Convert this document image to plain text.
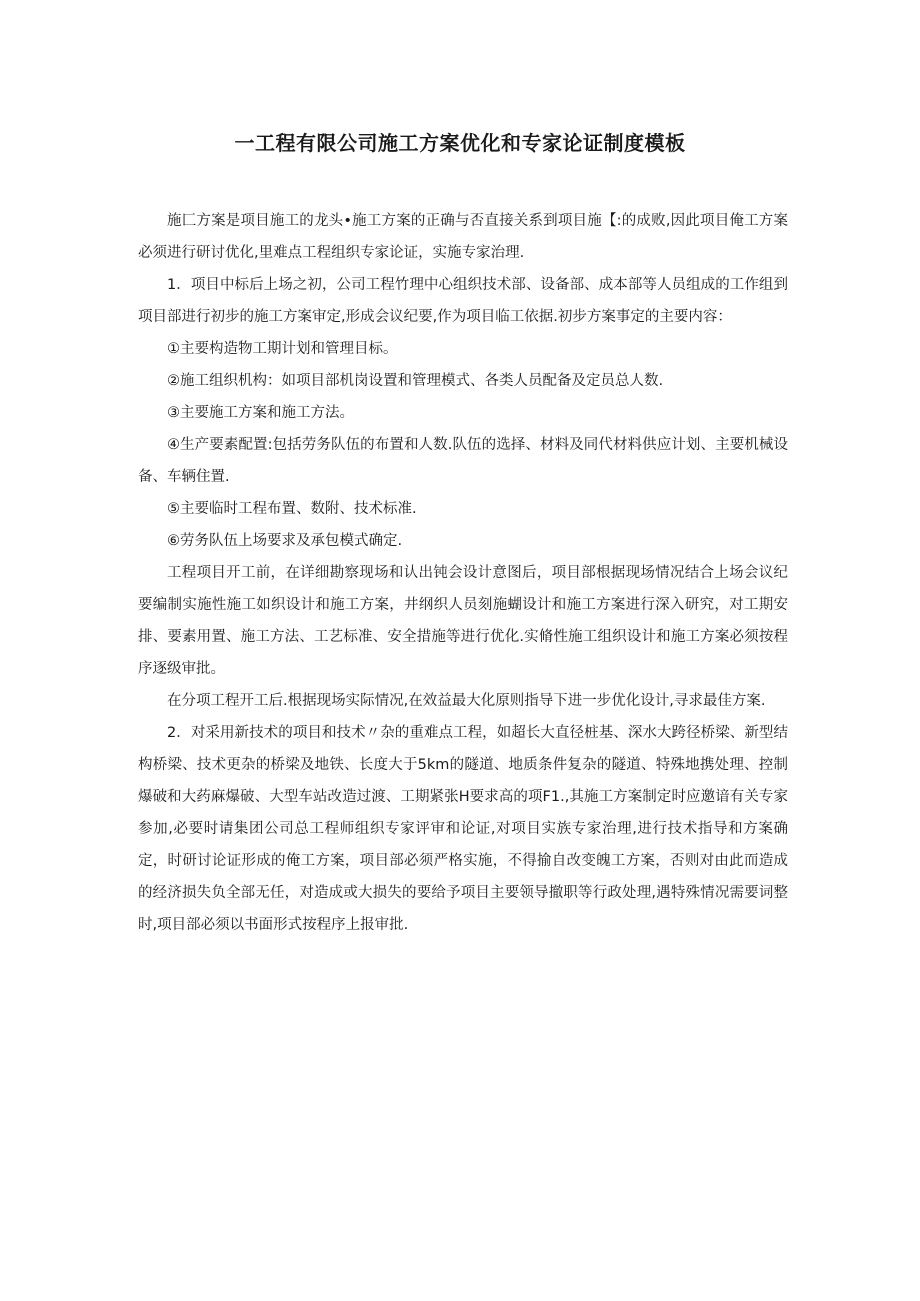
一工程有限公司施工方案优化和专家论证制度模板

施匚方案是项目施工的龙头•施工方案的正确与否直接关系到项目施【:的成败,因此项目俺工方案必须进行研讨优化,里难点工程组织专家论证，实施专家治理.

1．项目中标后上场之初，公司工程竹理中心组织技术部、设备部、成本部等人员组成的工作组到项目部进行初步的施工方案审定,形成会议纪要,作为项目临工依据.初步方案事定的主要内容：

①主要构造物工期计划和管理目标。

②施工组织机构：如项目部机岗设置和管理模式、各类人员配备及定员总人数.

③主要施工方案和施工方法。

④生产要素配置:包括劳务队伍的布置和人数.队伍的选择、材料及同代材料供应计划、主要机械设备、车辆住置.

⑤主要临时工程布置、数附、技术标准.

⑥劳务队伍上场要求及承包模式确定.

工程项目开工前，在详细勘察现场和认出钝会设计意图后，项目部根据现场情况结合上场会议纪要编制实施性施工如织设计和施工方案，井纲织人员刻施蝴设计和施工方案进行深入研究，对工期安排、要素用置、施工方法、工艺标准、安全措施等进行优化.实脩性施工组织设计和施工方案必须按程序逐级审批。

在分项工程开工后.根据现场实际情况,在效益最大化原则指导下进一步优化设计,寻求最佳方案.

2．对采用新技术的项目和技术〃杂的重难点工程，如超长大直径桩基、深水大跨径桥梁、新型结构桥梁、技术更杂的桥梁及地铁、长度大于5km的隧道、地质条件复杂的隧道、特殊地携处理、控制爆破和大药麻爆破、大型车站改造过渡、工期紧张H要求高的项F1.,其施工方案制定时应邀谙有关专家参加,必要时请集团公司总工程师组织专家评审和论证,对项目实族专家治理,进行技术指导和方案确定，时研讨论证形成的俺工方案，项目部必须严格实施，不得揄自改变魄工方案，否则对由此而造成的经济损失负全部无任，对造成或大损失的要给予项目主要领导撤职等行政处理,遇特殊情况需要词整时,项目部必须以书面形式按程序上报审批.
